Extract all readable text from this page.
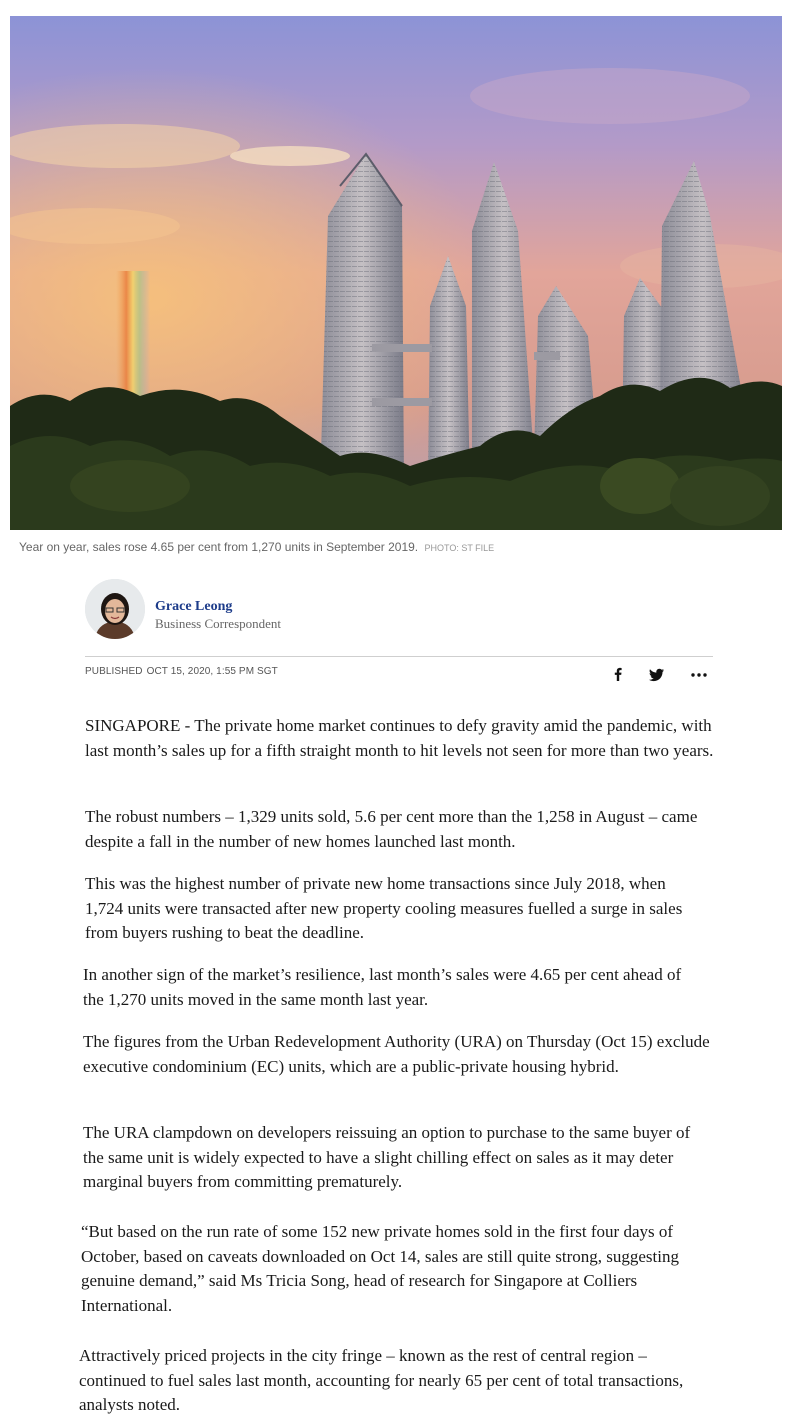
Year on year, sales rose 4.65 per cent from 1,270 units in September 2019. PHOTO: ST FILE
Grace Leong
Business Correspondent
PUBLISHED OCT 15, 2020, 1:55 PM SGT

SINGAPORE - The private home market continues to defy gravity amid the pandemic, with last month’s sales up for a fifth straight month to hit levels not seen for more than two years.

The robust numbers – 1,329 units sold, 5.6 per cent more than the 1,258 in August – came despite a fall in the number of new homes launched last month.

This was the highest number of private new home transactions since July 2018, when 1,724 units were transacted after new property cooling measures fuelled a surge in sales from buyers rushing to beat the deadline.

In another sign of the market’s resilience, last month’s sales were 4.65 per cent ahead of the 1,270 units moved in the same month last year.

The figures from the Urban Redevelopment Authority (URA) on Thursday (Oct 15) exclude executive condominium (EC) units, which are a public-private housing hybrid.

The URA clampdown on developers reissuing an option to purchase to the same buyer of the same unit is widely expected to have a slight chilling effect on sales as it may deter marginal buyers from committing prematurely.

“But based on the run rate of some 152 new private homes sold in the first four days of October, based on caveats downloaded on Oct 14, sales are still quite strong, suggesting genuine demand,” said Ms Tricia Song, head of research for Singapore at Colliers International.

Attractively priced projects in the city fringe – known as the rest of central region – continued to fuel sales last month, accounting for nearly 65 per cent of total transactions, analysts noted.
